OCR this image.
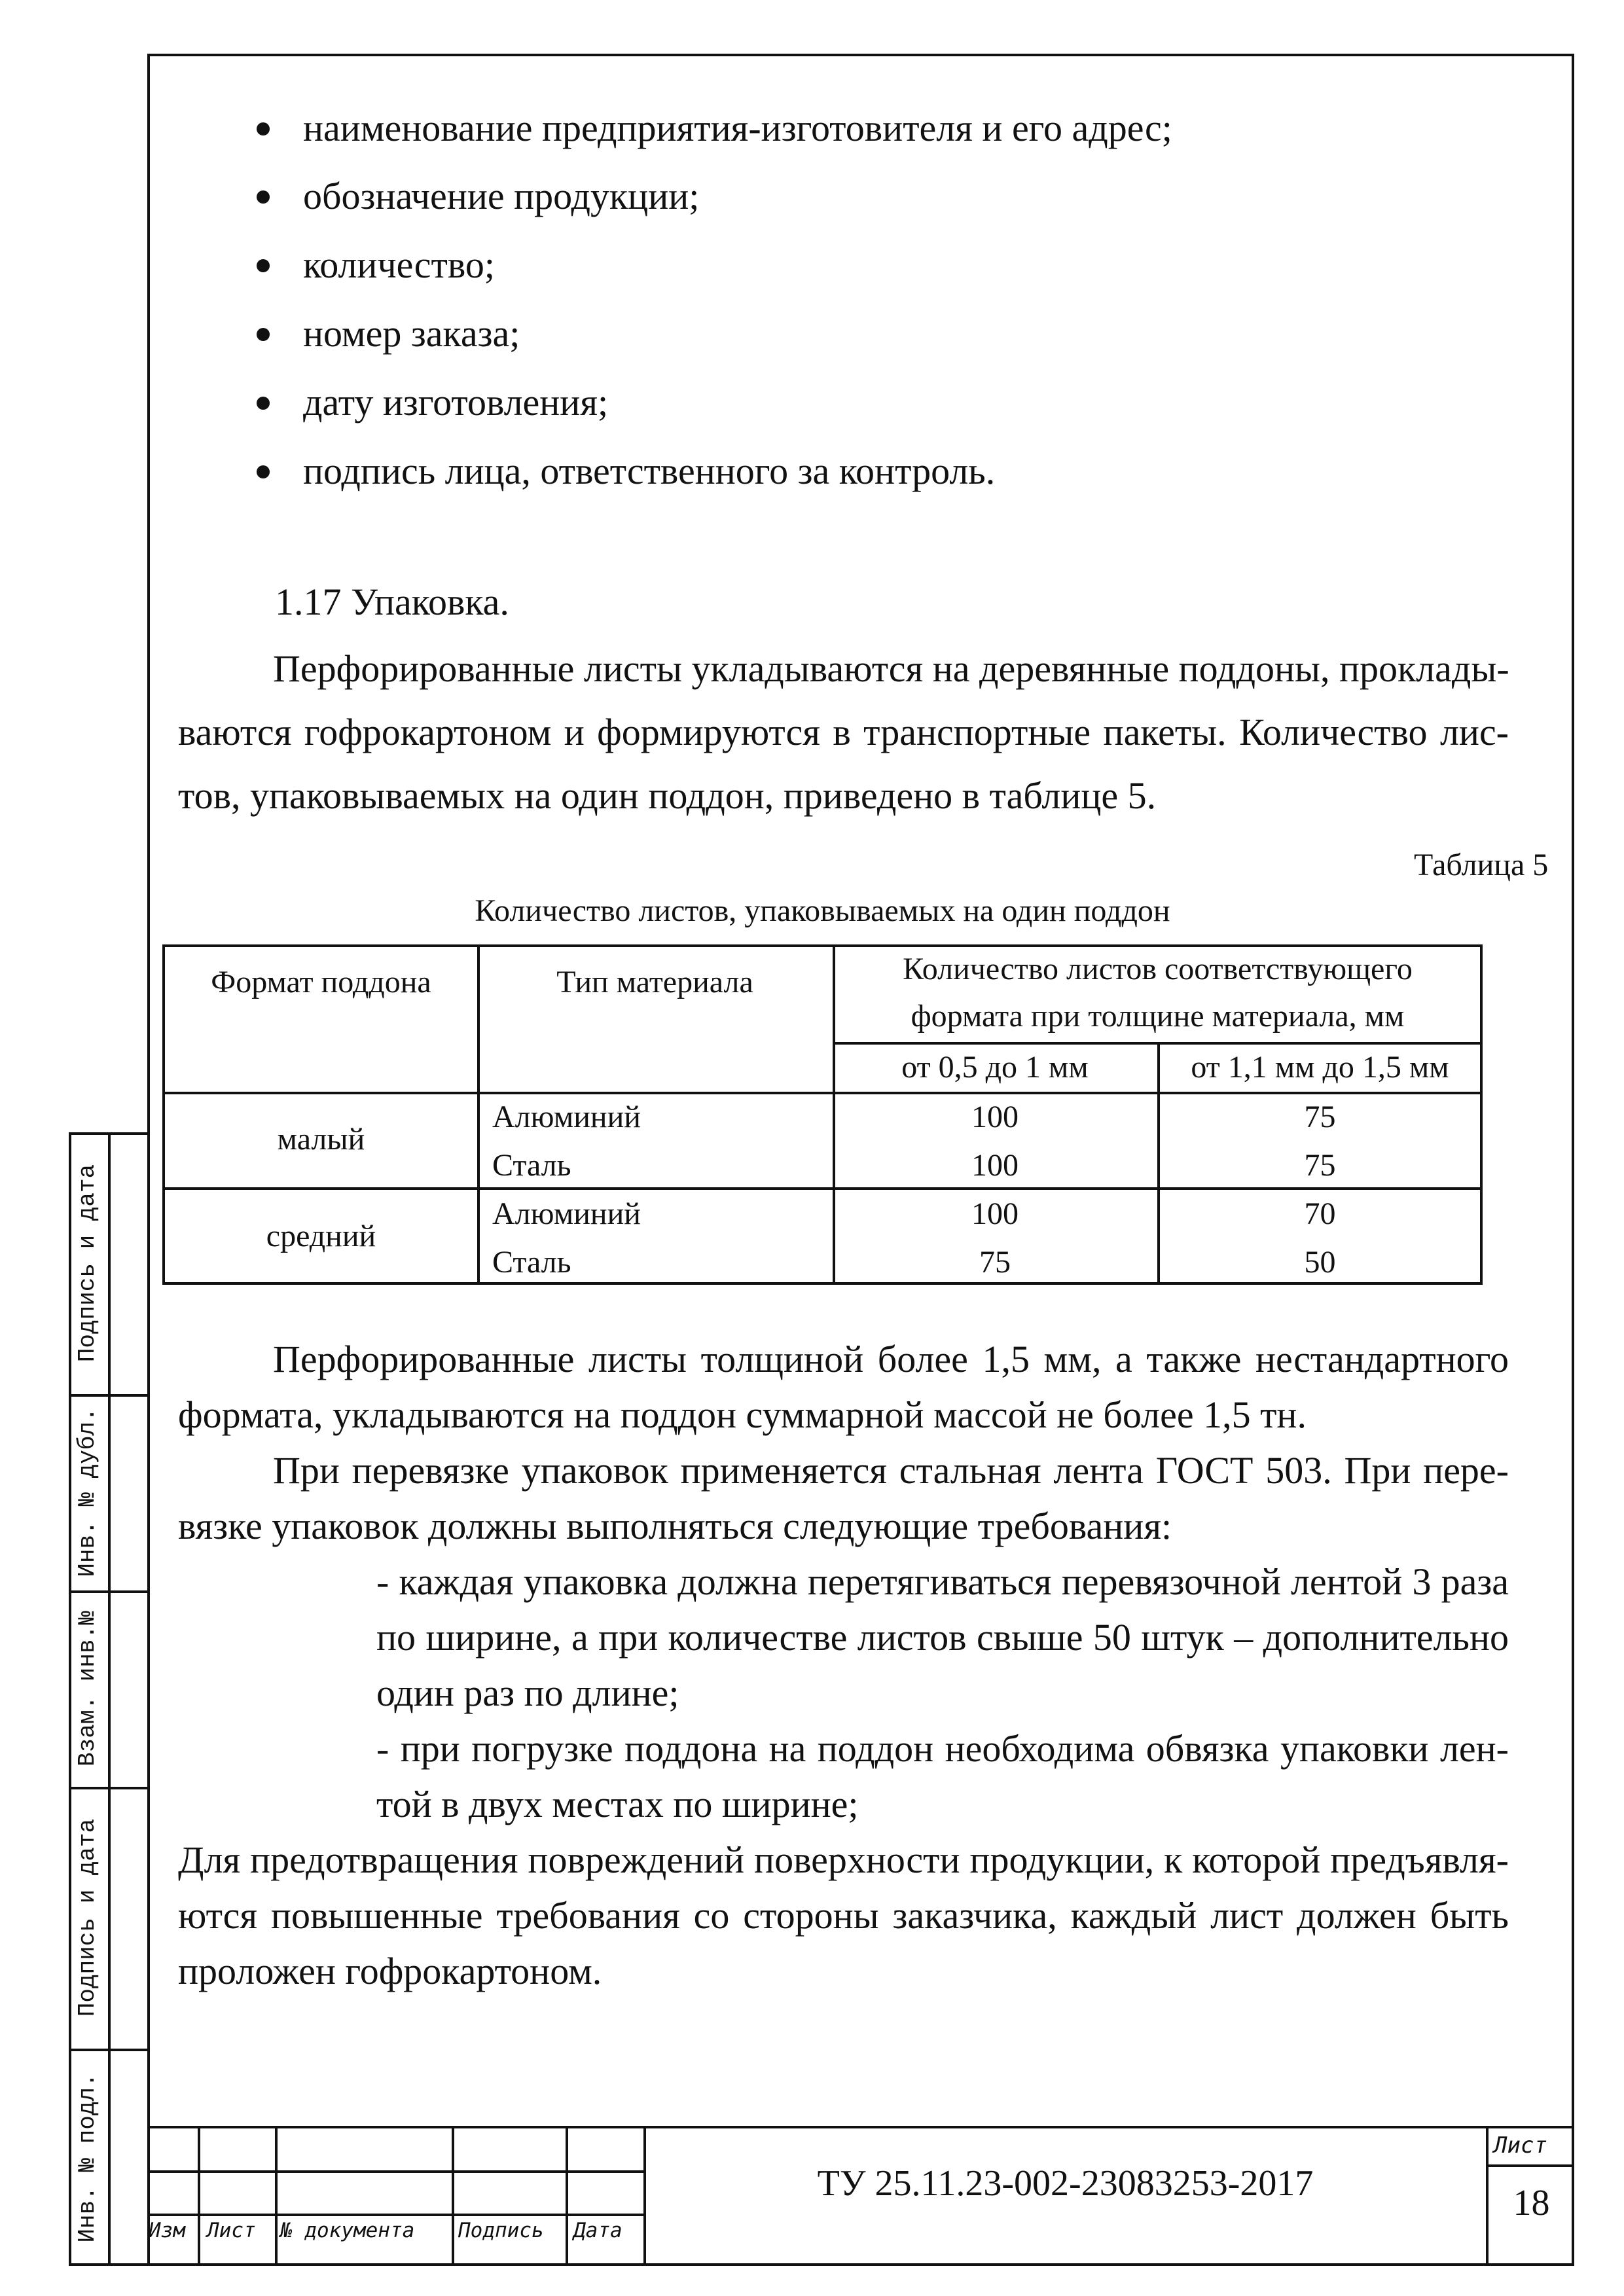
наименование предприятия-изготовителя и его адрес;
обозначение продукции;
количество;
номер заказа;
дату изготовления;
подпись лица, ответственного за контроль.
1.17 Упаковка.
Перфорированные листы укладываются на деревянные поддоны, проклады-
ваются гофрокартоном и формируются в транспортные пакеты. Количество лис-
тов, упаковываемых на один поддон, приведено в таблице 5.
Таблица 5
Количество листов, упаковываемых на один поддон
Формат поддона	Тип материала	Количество листов соответствующего
формата при толщине материала, мм
от 0,5 до 1 мм	от 1,1 мм до 1,5 мм
малый
Алюминий	100	75
Сталь	100	75
средний
Алюминий	100	70
Сталь	75	50
Перфорированные листы толщиной более 1,5 мм, а также нестандартного
формата, укладываются на поддон суммарной массой не более 1,5 тн.
При перевязке упаковок применяется стальная лента ГОСТ 503. При пере-
вязке упаковок должны выполняться следующие требования:
- каждая упаковка должна перетягиваться перевязочной лентой 3 раза
по ширине, а при количестве листов свыше 50 штук – дополнительно
один раз по длине;
- при погрузке поддона на поддон необходима обвязка упаковки лен-
той в двух местах по ширине;
Для предотвращения повреждений поверхности продукции, к которой предъявля-
ются повышенные требования со стороны заказчика, каждый лист должен быть
проложен гофрокартоном.
Подпись и дата
Инв. № дубл.
Взам. инв.№
Подпись и дата
Инв. № подл. Изм Лист № документа Подпись Дата
ТУ 25.11.23-002-23083253-2017
Лист
18
